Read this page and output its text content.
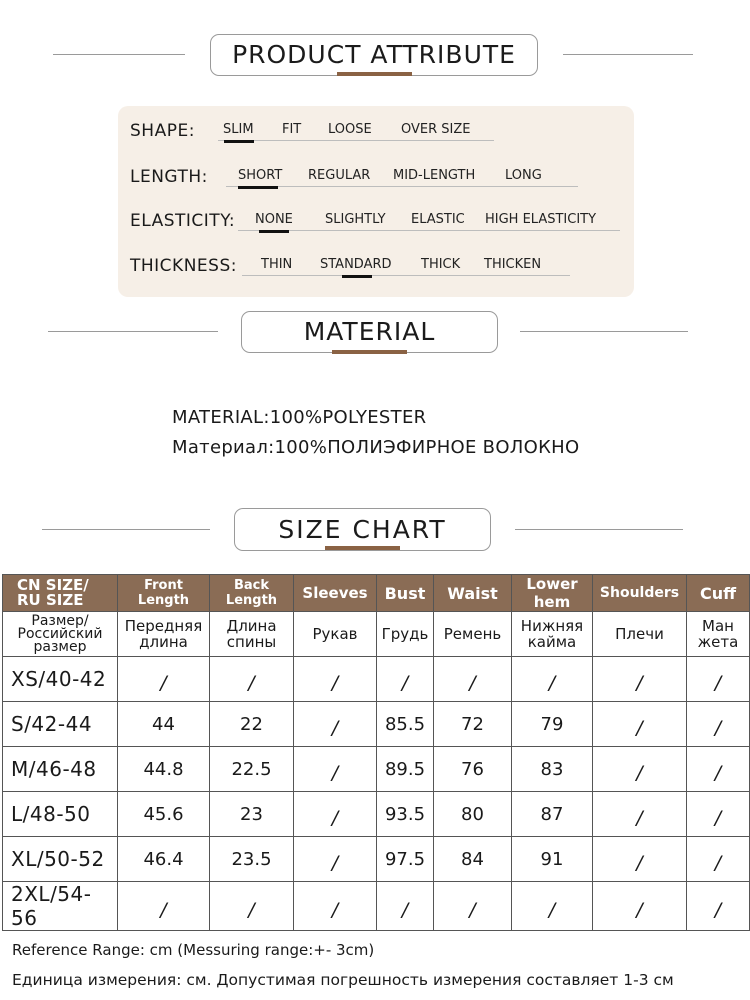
PRODUCT ATTRIBUTE
SHAPE: SLIM FIT LOOSE OVER SIZE
LENGTH: SHORT REGULAR MID-LENGTH LONG
ELASTICITY: NONE SLIGHTLY ELASTIC HIGH ELASTICITY
THICKNESS: THIN STANDARD THICK THICKEN
MATERIAL
MATERIAL:100%POLYESTER
Материал:100%ПОЛИЭФИРНОЕ ВОЛОКНО
SIZE CHART
CN SIZE/ RU SIZE	Front Length	Back Length	Sleeves	Bust	Waist	Lower hem	Shoulders	Cuff
Размер/ Российский размер	Передняя длина	Длина спины	Рукав	Грудь	Ремень	Нижняя кайма	Плечи	Ман жета
XS/40-42	/	/	/	/	/	/	/	/
S/42-44	44	22	/	85.5	72	79	/	/
M/46-48	44.8	22.5	/	89.5	76	83	/	/
L/48-50	45.6	23	/	93.5	80	87	/	/
XL/50-52	46.4	23.5	/	97.5	84	91	/	/
2XL/54-56	/	/	/	/	/	/	/	/
Reference Range: cm (Messuring range:+- 3cm)
Единица измерения: см. Допустимая погрешность измерения составляет 1-3 см
